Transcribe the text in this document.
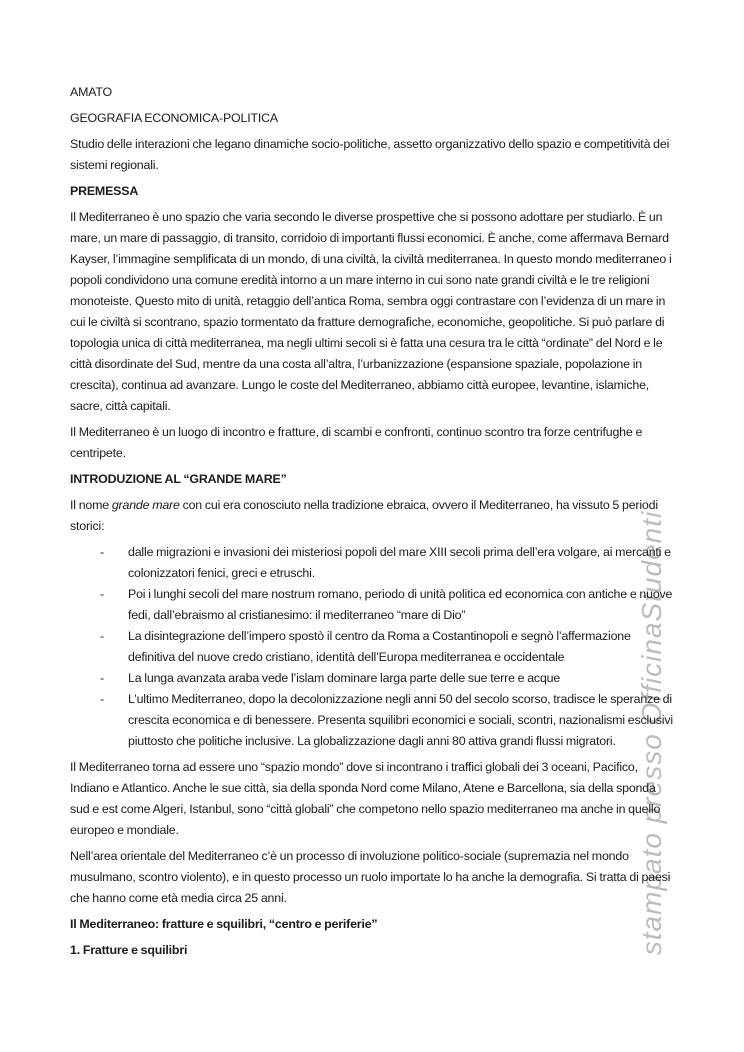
stampato presso OfficinaStudenti

AMATO

GEOGRAFIA ECONOMICA-POLITICA

Studio delle interazioni che legano dinamiche socio-politiche, assetto organizzativo dello spazio e competitività dei sistemi regionali.

PREMESSA

Il Mediterraneo è uno spazio che varia secondo le diverse prospettive che si possono adottare per studiarlo. È un mare, un mare di passaggio, di transito, corridoio di importanti flussi economici. È anche, come affermava Bernard Kayser, l’immagine semplificata di un mondo, di una civiltà, la civiltà mediterranea. In questo mondo mediterraneo i popoli condividono una comune eredità intorno a un mare interno in cui sono nate grandi civiltà e le tre religioni monoteiste. Questo mito di unità, retaggio dell’antica Roma, sembra oggi contrastare con l’evidenza di un mare in cui le civiltà si scontrano, spazio tormentato da fratture demografiche, economiche, geopolitiche. Si può parlare di topologia unica di città mediterranea, ma negli ultimi secoli si è fatta una cesura tra le città “ordinate” del Nord e le città disordinate del Sud, mentre da una costa all’altra, l’urbanizzazione (espansione spaziale, popolazione in crescita), continua ad avanzare. Lungo le coste del Mediterraneo, abbiamo città europee, levantine, islamiche, sacre, città capitali.

Il Mediterraneo è un luogo di incontro e fratture, di scambi e confronti, continuo scontro tra forze centrifughe e centripete.

INTRODUZIONE AL “GRANDE MARE”

Il nome grande mare con cui era conosciuto nella tradizione ebraica, ovvero il Mediterraneo, ha vissuto 5 periodi storici:

-	dalle migrazioni e invasioni dei misteriosi popoli del mare XIII secoli prima dell’era volgare, ai mercanti e colonizzatori fenici, greci e etruschi.
-	Poi i lunghi secoli del mare nostrum romano, periodo di unità politica ed economica con antiche e nuove fedi, dall’ebraismo al cristianesimo: il mediterraneo “mare di Dio”
-	La disintegrazione dell’impero spostò il centro da Roma a Costantinopoli e segnò l’affermazione definitiva del nuove credo cristiano, identità dell’Europa mediterranea e occidentale
-	La lunga avanzata araba vede l’islam dominare larga parte delle sue terre e acque
-	L’ultimo Mediterraneo, dopo la decolonizzazione negli anni 50 del secolo scorso, tradisce le speranze di crescita economica e di benessere. Presenta squilibri economici e sociali, scontri, nazionalismi esclusivi piuttosto che politiche inclusive. La globalizzazione dagli anni 80 attiva grandi flussi migratori.

Il Mediterraneo torna ad essere uno “spazio mondo” dove si incontrano i traffici globali dei 3 oceani, Pacifico, Indiano e Atlantico. Anche le sue città, sia della sponda Nord come Milano, Atene e Barcellona, sia della sponda sud e est come Algeri, Istanbul, sono “città globali” che competono nello spazio mediterraneo ma anche in quello europeo e mondiale.

Nell’area orientale del Mediterraneo c’è un processo di involuzione politico-sociale (supremazia nel mondo musulmano, scontro violento), e in questo processo un ruolo importate lo ha anche la demografia. Si tratta di paesi che hanno come età media circa 25 anni.

Il Mediterraneo: fratture e squilibri, “centro e periferie”

1. Fratture e squilibri
